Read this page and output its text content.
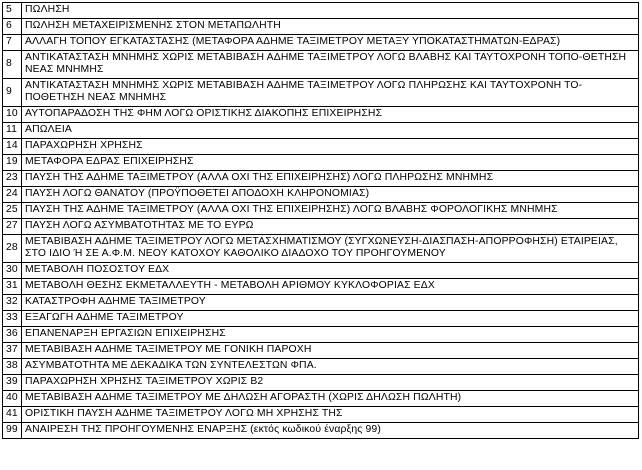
5	ΠΩΛΗΣΗ
6	ΠΩΛΗΣΗ ΜΕΤΑΧΕΙΡΙΣΜΕΝΗΣ ΣΤΟΝ ΜΕΤΑΠΩΛΗΤΗ
7	ΑΛΛΑΓΗ ΤΟΠΟΥ ΕΓΚΑΤΑΣΤΑΣΗΣ (ΜΕΤΑΦΟΡΑ ΑΔΗΜΕ ΤΑΞΙΜΕΤΡΟΥ ΜΕΤΑΞΥ ΥΠΟΚΑΤΑΣΤΗΜΑΤΩΝ-ΕΔΡΑΣ)
8	ΑΝΤΙΚΑΤΑΣΤΑΣΗ ΜΝΗΜΗΣ ΧΩΡΙΣ ΜΕΤΑΒΙΒΑΣΗ ΑΔΗΜΕ ΤΑΞΙΜΕΤΡΟΥ ΛΟΓΩ ΒΛΑΒΗΣ ΚΑΙ ΤΑΥΤΟΧΡΟΝΗ ΤΟΠΟ-ΘΕΤΗΣΗ ΝΕΑΣ ΜΝΗΜΗΣ
9	ΑΝΤΙΚΑΤΑΣΤΑΣΗ ΜΝΗΜΗΣ ΧΩΡΙΣ ΜΕΤΑΒΙΒΑΣΗ ΑΔΗΜΕ ΤΑΞΙΜΕΤΡΟΥ ΛΟΓΩ ΠΛΗΡΩΣΗΣ ΚΑΙ ΤΑΥΤΟΧΡΟΝΗ ΤΟ-ΠΟΘΕΤΗΣΗ ΝΕΑΣ ΜΝΗΜΗΣ
10	ΑΥΤΟΠΑΡΑΔΟΣΗ ΤΗΣ ΦΗΜ ΛΟΓΩ ΟΡΙΣΤΙΚΗΣ ΔΙΑΚΟΠΗΣ ΕΠΙΧΕΙΡΗΣΗΣ
11	ΑΠΩΛΕΙΑ
14	ΠΑΡΑΧΩΡΗΣΗ ΧΡΗΣΗΣ
19	ΜΕΤΑΦΟΡΑ ΕΔΡΑΣ ΕΠΙΧΕΙΡΗΣΗΣ
23	ΠΑΥΣΗ ΤΗΣ ΑΔΗΜΕ ΤΑΞΙΜΕΤΡΟΥ (ΑΛΛΑ ΟΧΙ ΤΗΣ ΕΠΙΧΕΙΡΗΣΗΣ) ΛΟΓΩ ΠΛΗΡΩΣΗΣ ΜΝΗΜΗΣ
24	ΠΑΥΣΗ ΛΟΓΩ ΘΑΝΑΤΟΥ (ΠΡΟΫΠΟΘΕΤΕΙ ΑΠΟΔΟΧΗ ΚΛΗΡΟΝΟΜΙΑΣ)
25	ΠΑΥΣΗ ΤΗΣ ΑΔΗΜΕ ΤΑΞΙΜΕΤΡΟΥ (ΑΛΛΑ ΟΧΙ ΤΗΣ ΕΠΙΧΕΙΡΗΣΗΣ) ΛΟΓΩ ΒΛΑΒΗΣ ΦΟΡΟΛΟΓΙΚΗΣ ΜΝΗΜΗΣ
27	ΠΑΥΣΗ ΛΟΓΩ ΑΣΥΜΒΑΤΟΤΗΤΑΣ ΜΕ ΤΟ ΕΥΡΩ
28	ΜΕΤΑΒΙΒΑΣΗ ΑΔΗΜΕ ΤΑΞΙΜΕΤΡΟΥ ΛΟΓΩ ΜΕΤΑΣΧΗΜΑΤΙΣΜΟΥ (ΣΥΓΧΩΝΕΥΣΗ-ΔΙΑΣΠΑΣΗ-ΑΠΟΡΡΟΦΗΣΗ) ΕΤΑΙΡΕΙΑΣ, ΣΤΟ ΙΔΙΟ Ή ΣΕ Α.Φ.Μ. ΝΕΟΥ ΚΑΤΟΧΟΥ ΚΑΘΟΛΙΚΟ ΔΙΑΔΟΧΟ ΤΟΥ ΠΡΟΗΓΟΥΜΕΝΟΥ
30	ΜΕΤΑΒΟΛΗ ΠΟΣΟΣΤΟΥ ΕΔΧ
31	ΜΕΤΑΒΟΛΗ ΘΕΣΗΣ ΕΚΜΕΤΑΛΛΕΥΤΗ - ΜΕΤΑΒΟΛΗ ΑΡΙΘΜΟΥ ΚΥΚΛΟΦΟΡΙΑΣ ΕΔΧ
32	ΚΑΤΑΣΤΡΟΦΗ ΑΔΗΜΕ ΤΑΞΙΜΕΤΡΟΥ
33	ΕΞΑΓΩΓΗ ΑΔΗΜΕ ΤΑΞΙΜΕΤΡΟΥ
36	ΕΠΑΝΕΝΑΡΞΗ ΕΡΓΑΣΙΩΝ ΕΠΙΧΕΙΡΗΣΗΣ
37	ΜΕΤΑΒΙΒΑΣΗ ΑΔΗΜΕ ΤΑΞΙΜΕΤΡΟΥ ΜΕ ΓΟΝΙΚΗ ΠΑΡΟΧΗ
38	ΑΣΥΜΒΑΤΟΤΗΤΑ ΜΕ ΔΕΚΑΔΙΚΑ ΤΩΝ ΣΥΝΤΕΛΕΣΤΩΝ ΦΠΑ.
39	ΠΑΡΑΧΩΡΗΣΗ ΧΡΗΣΗΣ ΤΑΞΙΜΕΤΡΟΥ ΧΩΡΙΣ Β2
40	ΜΕΤΑΒΙΒΑΣΗ ΑΔΗΜΕ ΤΑΞΙΜΕΤΡΟΥ ΜΕ ΔΗΛΩΣΗ ΑΓΟΡΑΣΤΗ (ΧΩΡΙΣ ΔΗΛΩΣΗ ΠΩΛΗΤΗ)
41	ΟΡΙΣΤΙΚΗ ΠΑΥΣΗ ΑΔΗΜΕ ΤΑΞΙΜΕΤΡΟΥ ΛΟΓΩ ΜΗ ΧΡΗΣΗΣ ΤΗΣ
99	ΑΝΑΙΡΕΣΗ ΤΗΣ ΠΡΟΗΓΟΥΜΕΝΗΣ ΕΝΑΡΞΗΣ (εκτός κωδικού έναρξης 99)
